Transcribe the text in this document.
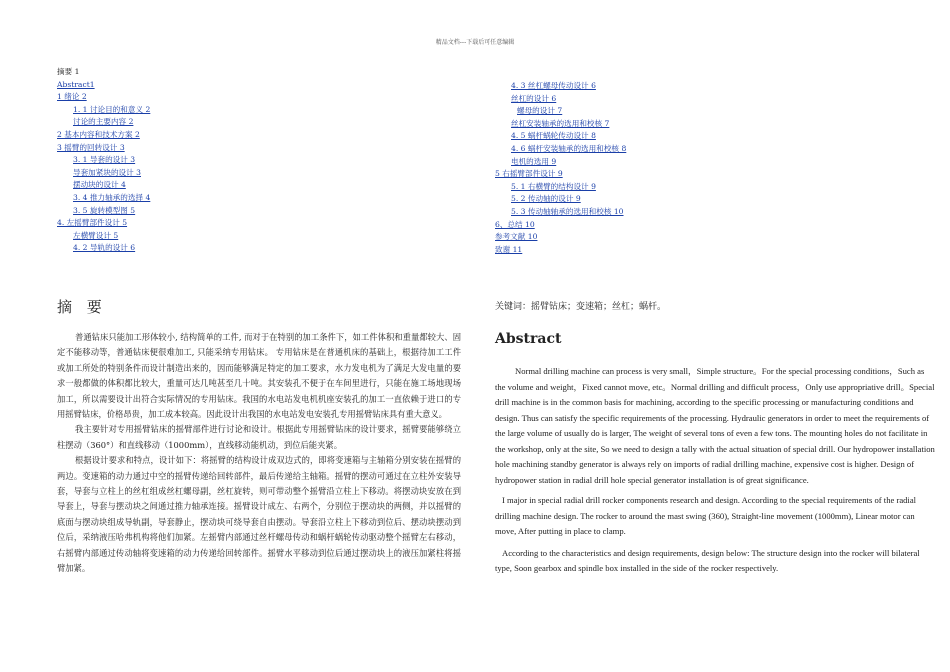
精品文档---下载后可任意编辑
摘要 1
Abstract1
1 绪论 2
1. 1 讨论目的和意义 2
讨论的主要内容 2
2 基本内容和技术方案 2
3 摇臂的回转设计 3
3. 1 导套的设计 3
导套加紧块的设计 3
摆动块的设计 4
3. 4 推力轴承的选择 4
3. 5 旋转模型图 5
4. 左摇臂部件设计 5
左横臂设计 5
4. 2 导轨的设计 6
4. 3 丝杠螺母传动设计 6
丝杠的设计 6
螺母的设计 7
丝杠安装轴承的选用和校核 7
4. 5 蜗杆蜗轮传动设计 8
4. 6 蜗杆安装轴承的选用和校核 8
电机的选用 9
5 右摇臂部件设计 9
5. 1 右横臂的结构设计 9
5. 2 传动轴的设计 9
5. 3 传动轴轴承的选用和校核 10
6、总结 10
参考文献 10
致谢 11
摘 要

普通钻床只能加工形体较小, 结构简单的工件, 而对于在特别的加工条件下，如工件体积和重量都较大、固定不能移动等，普通钻床便很难加工, 只能采纳专用钻床。 专用钻床是在普通机床的基础上，根据待加工工件或加工所处的特别条件而设计制造出来的，因而能够满足特定的加工要求，水力发电机为了满足大发电量的要求一般都做的体积都比较大，重量可达几吨甚至几十吨。其安装孔不便于在车间里进行，只能在施工场地现场加工，所以需要设计出符合实际情况的专用钻床。我国的水电站发电机机座安装孔的加工一直依赖于进口的专用摇臂钻床，价格昂贵，加工成本较高。因此设计出我国的水电站发电安装孔专用摇臂钻床具有重大意义。

我主要针对专用摇臂钻床的摇臂部件进行讨论和设计。根据此专用摇臂钻床的设计要求，摇臂要能够绕立柱摆动（360°）和直线移动（1000mm），直线移动能机动，到位后能夹紧。

根据设计要求和特点，设计如下：将摇臂的结构设计成双边式的，即将变速箱与主轴箱分别安装在摇臂的两边。变速箱的动力通过中空的摇臂传递给回转部件，最后传递给主轴箱。摇臂的摆动可通过在立柱外安装导套，导套与立柱上的丝杠组成丝杠螺母副，丝杠旋转，则可带动整个摇臂沿立柱上下移动。将摆动块安放在到导套上，导套与摆动块之间通过推力轴承连接。摇臂设计成左、右两个，分别位于摆动块的两侧，并以摇臂的底面与摆动块组成导轨副，导套静止，摆动块可绕导套自由摆动。导套沿立柱上下移动到位后、摆动块摆动到位后，采纳液压哈弗机构将他们加紧。左摇臂内部通过丝杆螺母传动和蜗杆蜗轮传动驱动整个摇臂左右移动，右摇臂内部通过传动轴将变速箱的动力传递给回转部件。摇臂水平移动到位后通过摆动块上的液压加紧柱将摇臂加紧。

关键词：摇臂钻床；变速箱；丝杠；蜗杆。
Abstract

Normal drilling machine can process is very small，Simple structure。For the special processing conditions，Such as the volume and weight，Fixed cannot move, etc。Normal drilling and difficult process，Only use appropriative drill。Special drill machine is in the common basis for machining, according to the specific processing or manufacturing conditions and design. Thus can satisfy the specific requirements of the processing. Hydraulic generators in order to meet the requirements of the large volume of usually do is larger, The weight of several tons of even a few tons. The mounting holes do not facilitate in the workshop, only at the site, So we need to design a tally with the actual situation of special drill. Our hydropower installation hole machining standby generator is always rely on imports of radial drilling machine, expensive cost is higher. Design of hydropower station in radial drill hole special generator installation is of great significance.

I major in special radial drill rocker components research and design. According to the special requirements of the radial drilling machine design. The rocker to around the mast swing (360), Straight-line movement (1000mm), Linear motor can move, After putting in place to clamp.

According to the characteristics and design requirements, design below: The structure design into the rocker will bilateral type, Soon gearbox and spindle box installed in the side of the rocker respectively.
